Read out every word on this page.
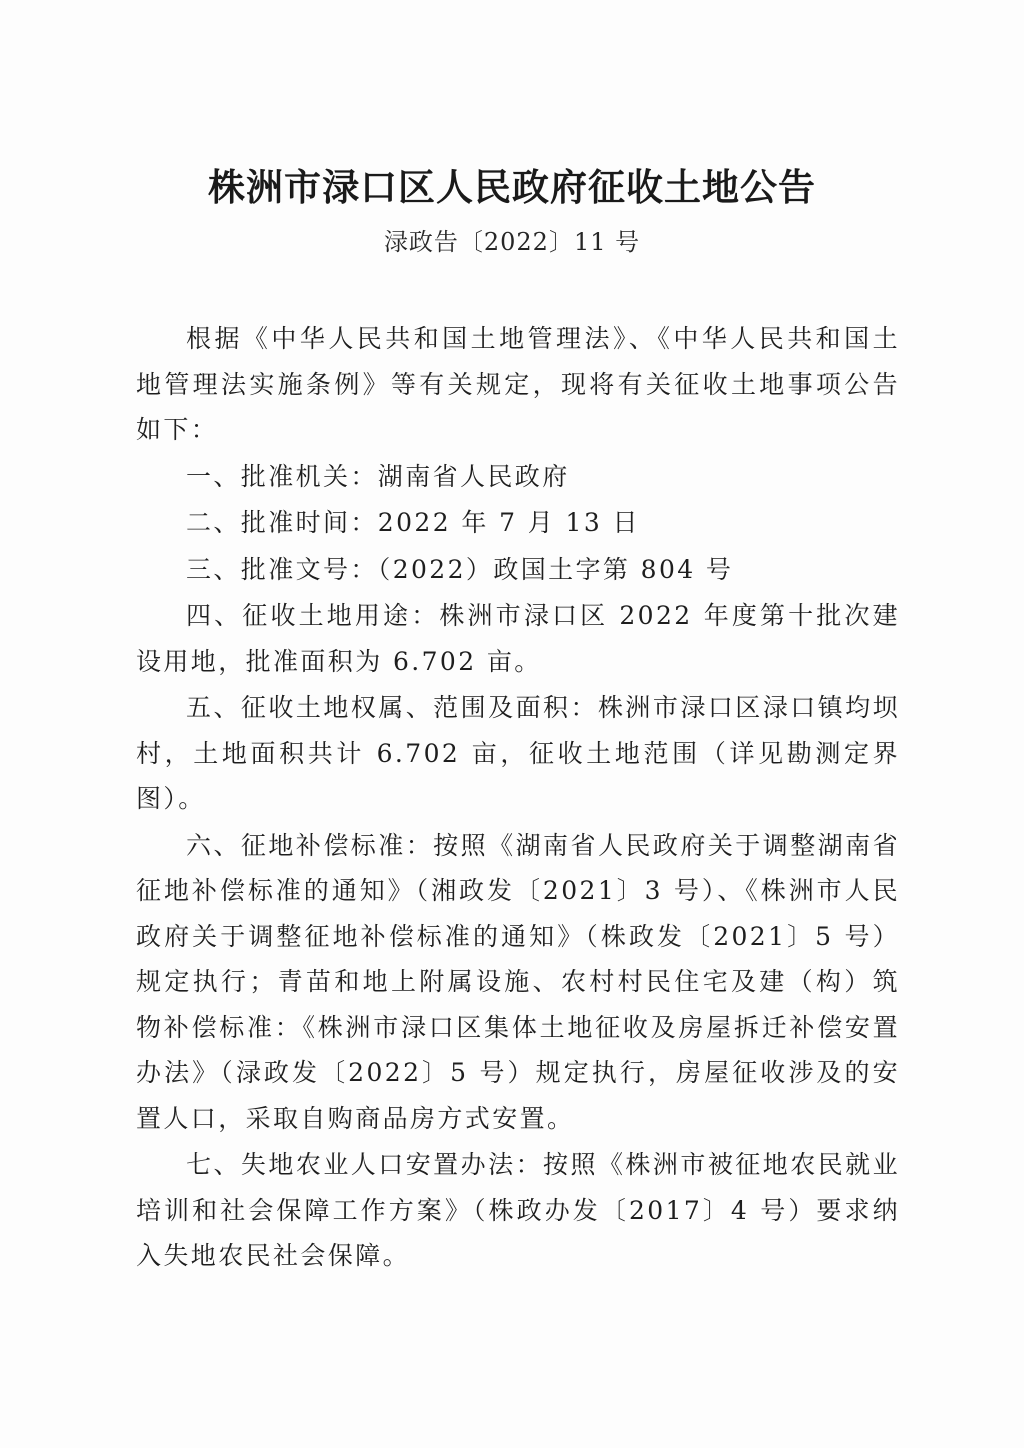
株洲市渌口区人民政府征收土地公告
渌政告〔2022〕11 号

根据《中华人民共和国土地管理法》、《中华人民共和国土地管理法实施条例》等有关规定，现将有关征收土地事项公告如下：

一、批准机关：湖南省人民政府

二、批准时间：2022 年 7 月 13 日

三、批准文号：（2022）政国土字第 804 号

四、征收土地用途：株洲市渌口区 2022 年度第十批次建设用地，批准面积为 6.702 亩。

五、征收土地权属、范围及面积：株洲市渌口区渌口镇均坝村，土地面积共计 6.702 亩，征收土地范围（详见勘测定界图）。

六、征地补偿标准：按照《湖南省人民政府关于调整湖南省征地补偿标准的通知》（湘政发〔2021〕3 号）、《株洲市人民政府关于调整征地补偿标准的通知》（株政发〔2021〕5 号）规定执行；青苗和地上附属设施、农村村民住宅及建（构）筑物补偿标准：《株洲市渌口区集体土地征收及房屋拆迁补偿安置办法》（渌政发〔2022〕5 号）规定执行，房屋征收涉及的安置人口，采取自购商品房方式安置。

七、失地农业人口安置办法：按照《株洲市被征地农民就业培训和社会保障工作方案》（株政办发〔2017〕4 号）要求纳入失地农民社会保障。
